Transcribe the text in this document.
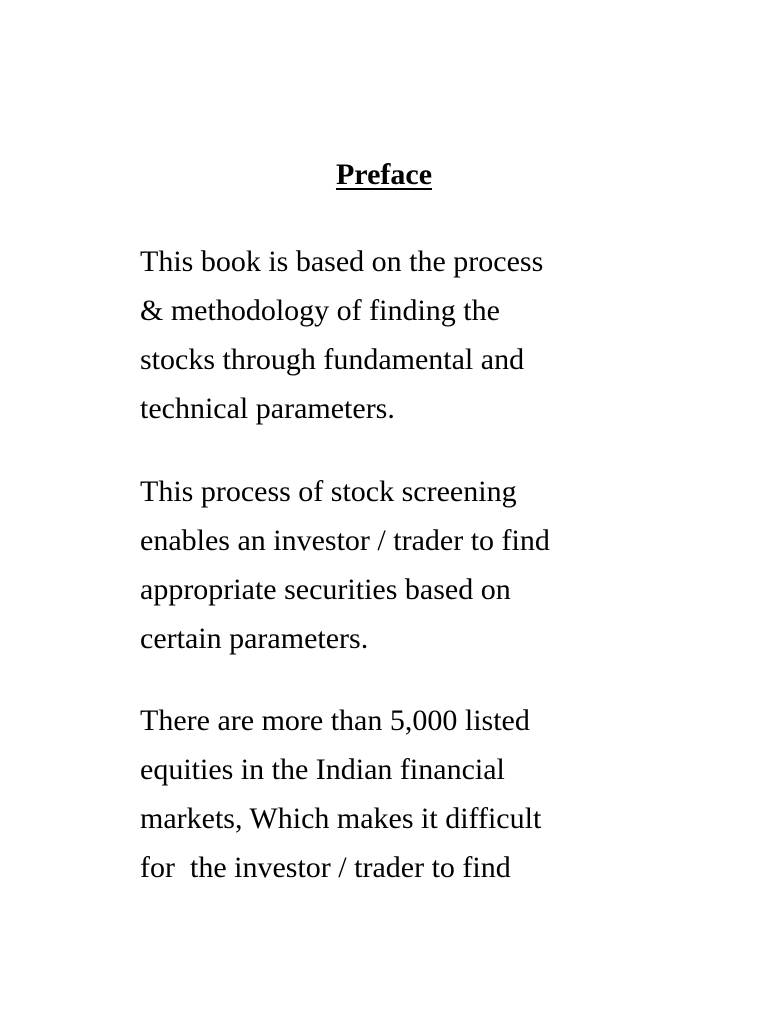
Preface

This book is based on the process
& methodology of finding the
stocks through fundamental and
technical parameters.

This process of stock screening
enables an investor / trader to find
appropriate securities based on
certain parameters.

There are more than 5,000 listed
equities in the Indian financial
markets, Which makes it difficult
for  the investor / trader to find
